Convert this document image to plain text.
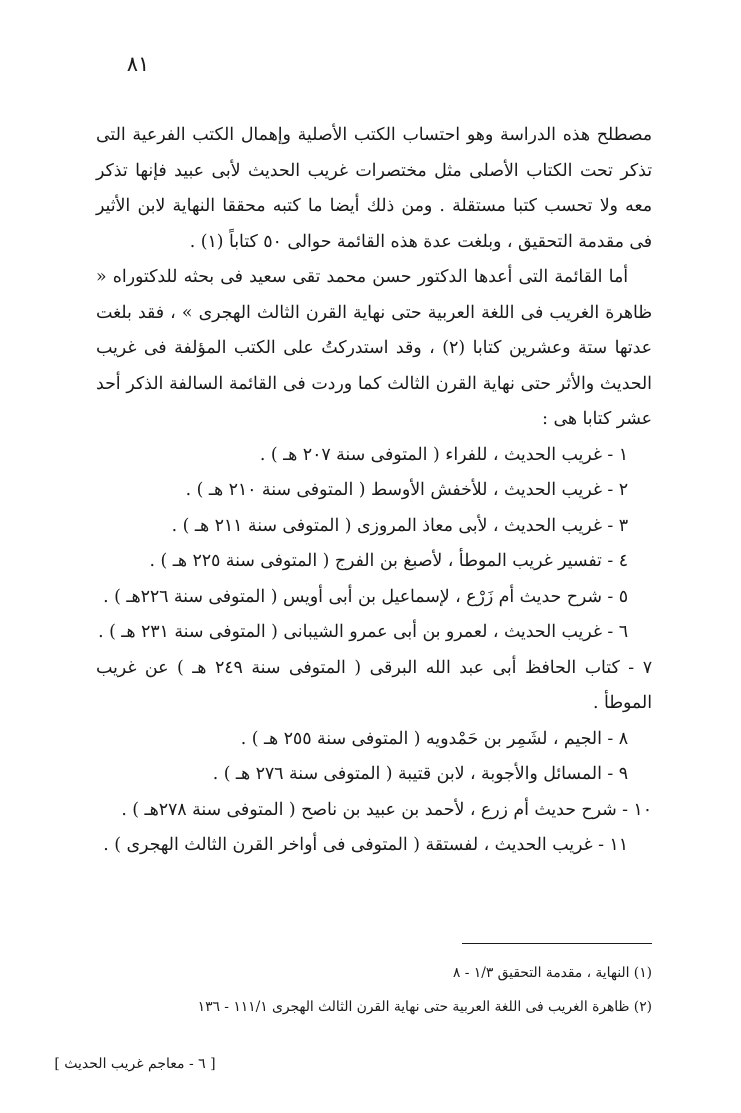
٨١

مصطلح هذه الدراسة وهو احتساب الكتب الأصلية وإهمال الكتب الفرعية التى تذكر تحت الكتاب الأصلى مثل مختصرات غريب الحديث لأبى عبيد فإنها تذكر معه ولا تحسب كتبا مستقلة . ومن ذلك أيضا ما كتبه محققا النهاية لابن الأثير فى مقدمة التحقيق ، وبلغت عدة هذه القائمة حوالى ٥٠ كتاباً (١) .

أما القائمة التى أعدها الدكتور حسن محمد تقى سعيد فى بحثه للدكتوراه « ظاهرة الغريب فى اللغة العربية حتى نهاية القرن الثالث الهجرى » ، فقد بلغت عدتها ستة وعشرين كتابا (٢) ، وقد استدركتُ على الكتب المؤلفة فى غريب الحديث والأثر حتى نهاية القرن الثالث كما وردت فى القائمة السالفة الذكر أحد عشر كتابا هى :

١ - غريب الحديث ، للفراء ( المتوفى سنة ٢٠٧ هـ ) .
٢ - غريب الحديث ، للأخفش الأوسط ( المتوفى سنة ٢١٠ هـ ) .
٣ - غريب الحديث ، لأبى معاذ المروزى ( المتوفى سنة ٢١١ هـ ) .
٤ - تفسير غريب الموطأ ، لأصبغ بن الفرج ( المتوفى سنة ٢٢٥ هـ ) .
٥ - شرح حديث أم زَرْع ، لإسماعيل بن أبى أويس ( المتوفى سنة ٢٢٦هـ ) .
٦ - غريب الحديث ، لعمرو بن أبى عمرو الشيبانى ( المتوفى سنة ٢٣١ هـ ) .
٧ - كتاب الحافظ أبى عبد الله البرقى ( المتوفى سنة ٢٤٩ هـ ) عن غريب الموطأ .
٨ - الجيم ، لشَمِر بن حَمْدويه ( المتوفى سنة ٢٥٥ هـ ) .
٩ - المسائل والأجوبة ، لابن قتيبة ( المتوفى سنة ٢٧٦ هـ ) .
١٠ - شرح حديث أم زرع ، لأحمد بن عبيد بن ناصح ( المتوفى سنة ٢٧٨هـ ) .
١١ - غريب الحديث ، لفستقة ( المتوفى فى أواخر القرن الثالث الهجرى ) .

(١) النهاية ، مقدمة التحقيق ١/٣ - ٨

(٢) ظاهرة الغريب فى اللغة العربية حتى نهاية القرن الثالث الهجرى ١١١/١ - ١٣٦

[ ٦ - معاجم غريب الحديث ]
